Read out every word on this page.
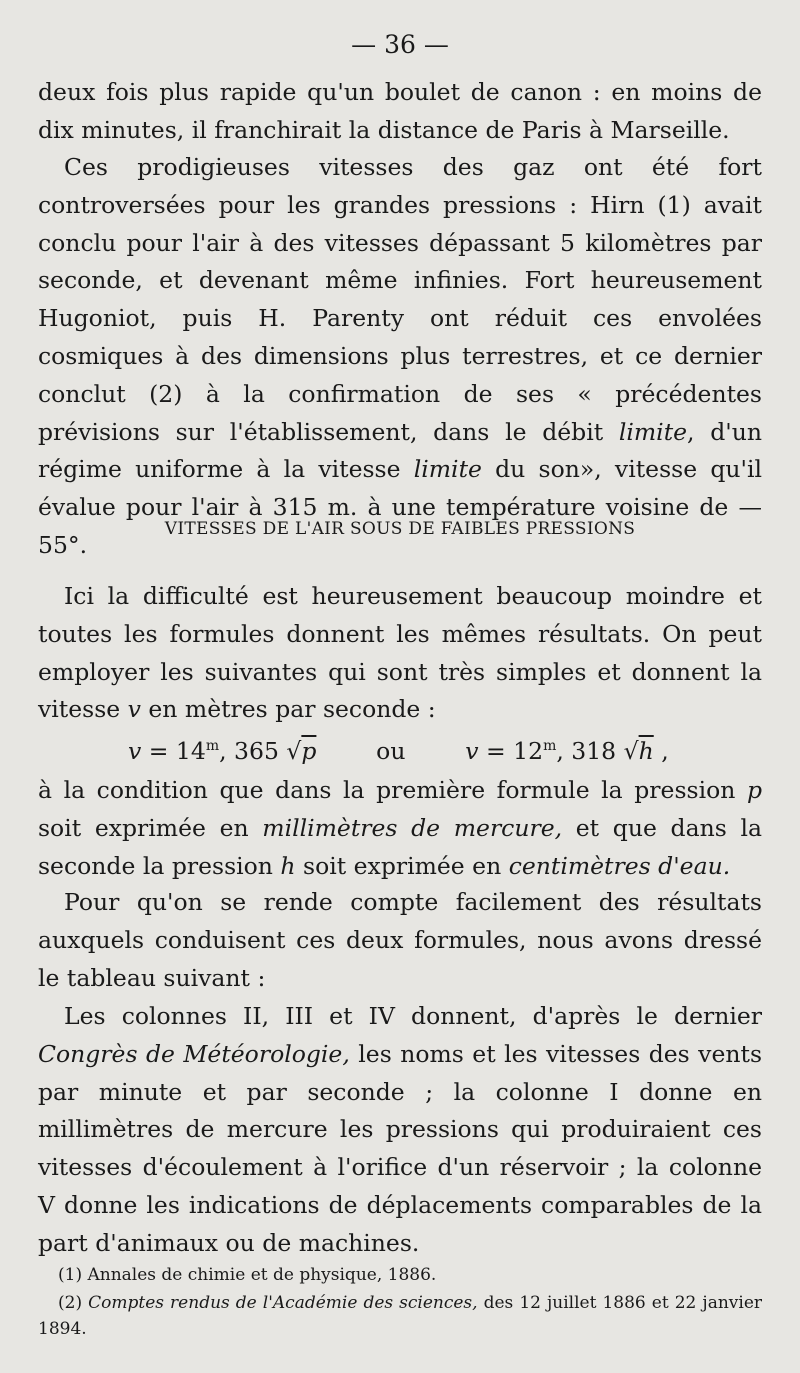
— 36 —

deux fois plus rapide qu'un boulet de canon : en moins de dix minutes, il franchirait la distance de Paris à Marseille.

Ces prodigieuses vitesses des gaz ont été fort controversées pour les grandes pressions : Hirn (1) avait conclu pour l'air à des vitesses dépassant 5 kilomètres par seconde, et devenant même infinies. Fort heureusement Hugoniot, puis H. Parenty ont réduit ces envolées cosmiques à des dimensions plus terrestres, et ce dernier conclut (2) à la confirmation de ses « précédentes prévisions sur l'établissement, dans le débit limite, d'un régime uniforme à la vitesse limite du son», vitesse qu'il évalue pour l'air à 315 m. à une température voisine de — 55°.

VITESSES DE L'AIR SOUS DE FAIBLES PRESSIONS

Ici la difficulté est heureusement beaucoup moindre et toutes les formules donnent les mêmes résultats. On peut employer les suivantes qui sont très simples et donnent la vitesse v en mètres par seconde :

$v = 14^m$, 365 √p	ou	$v = 12^m$, 318 √h ,

à la condition que dans la première formule la pression p soit exprimée en millimètres de mercure, et que dans la seconde la pression h soit exprimée en centimètres d'eau.

Pour qu'on se rende compte facilement des résultats auxquels conduisent ces deux formules, nous avons dressé le tableau suivant :

Les colonnes II, III et IV donnent, d'après le dernier Congrès de Météorologie, les noms et les vitesses des vents par minute et par seconde ; la colonne I donne en millimètres de mercure les pressions qui produiraient ces vitesses d'écoulement à l'orifice d'un réservoir ; la colonne V donne les indications de déplacements comparables de la part d'animaux ou de machines.

(1) Annales de chimie et de physique, 1886.

(2) Comptes rendus de l'Académie des sciences, des 12 juillet 1886 et 22 janvier 1894.
